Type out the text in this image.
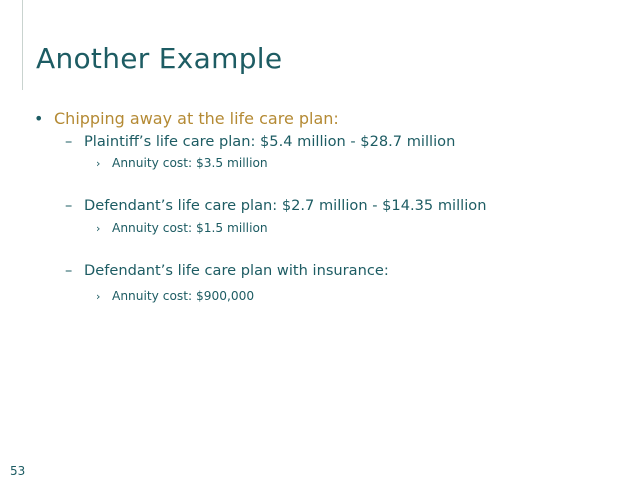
Another Example
• Chipping away at the life care plan:
– Plaintiff’s life care plan: $5.4 million - $28.7 million
› Annuity cost: $3.5 million
– Defendant’s life care plan: $2.7 million - $14.35 million
› Annuity cost: $1.5 million
– Defendant’s life care plan with insurance:
› Annuity cost: $900,000
53
